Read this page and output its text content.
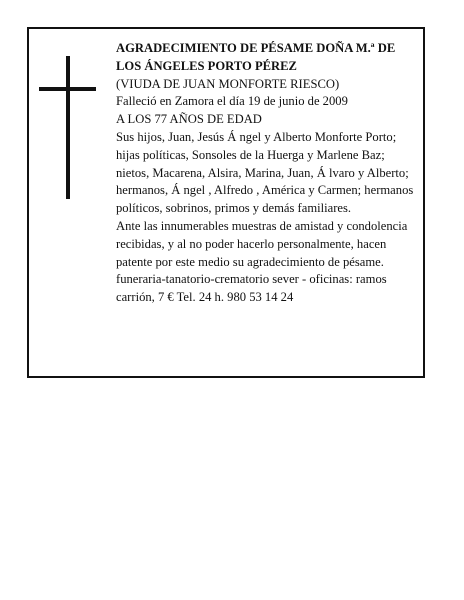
AGRADECIMIENTO DE PÉSAME DOÑA M.ª DE LOS ÁNGELES PORTO PÉREZ

(VIUDA DE JUAN MONFORTE RIESCO)

Falleció en Zamora el día 19 de junio de 2009

A LOS 77 AÑOS DE EDAD

Sus hijos, Juan, Jesús Á ngel y Alberto Monforte Porto; hijas políticas, Sonsoles de la Huerga y Marlene Baz; nietos, Macarena, Alsira, Marina, Juan, Á lvaro y Alberto; hermanos, Á ngel , Alfredo , América y Carmen; hermanos políticos, sobrinos, primos y demás familiares.

Ante las innumerables muestras de amistad y condolencia recibidas, y al no poder hacerlo personalmente, hacen patente por este medio su agradecimiento de pésame.

funeraria-tanatorio-crematorio sever - oficinas: ramos carrión, 7 € Tel. 24 h. 980 53 14 24
